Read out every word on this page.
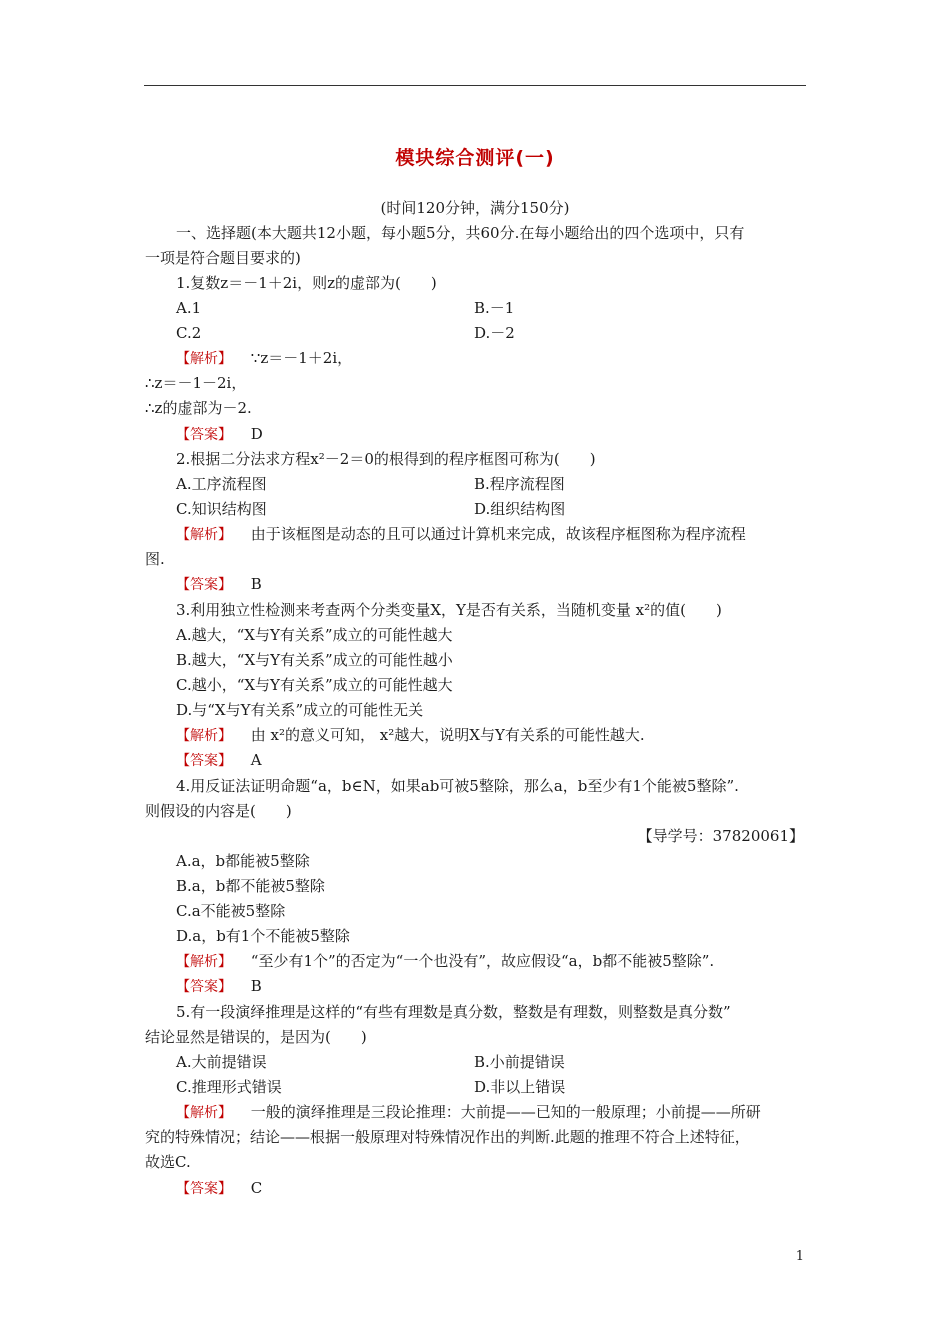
模块综合测评(一)
(时间120分钟，满分150分)
一、选择题(本大题共12小题，每小题5分，共60分.在每小题给出的四个选项中，只有
一项是符合题目要求的)
1.复数z＝－1＋2i，则z的虚部为(　　)
A.1	B.－1
C.2	D.－2
【解析】 ∵z＝－1＋2i，
∴z＝－1－2i，
∴z的虚部为－2.
【答案】 D
2.根据二分法求方程x²－2＝0的根得到的程序框图可称为(　　)
A.工序流程图	B.程序流程图
C.知识结构图	D.组织结构图
【解析】 由于该框图是动态的且可以通过计算机来完成，故该程序框图称为程序流程
图.
【答案】 B
3.利用独立性检测来考查两个分类变量X，Y是否有关系，当随机变量 x²的值(　　)
A.越大，“X与Y有关系”成立的可能性越大
B.越大，“X与Y有关系”成立的可能性越小
C.越小，“X与Y有关系”成立的可能性越大
D.与“X与Y有关系”成立的可能性无关
【解析】 由 x²的意义可知， x²越大，说明X与Y有关系的可能性越大.
【答案】 A
4.用反证法证明命题“a，b∈N，如果ab可被5整除，那么a，b至少有1个能被5整除”.
则假设的内容是(　　)
【导学号：37820061】
A.a，b都能被5整除
B.a，b都不能被5整除
C.a不能被5整除
D.a，b有1个不能被5整除
【解析】 “至少有1个”的否定为“一个也没有”，故应假设“a，b都不能被5整除”.
【答案】 B
5.有一段演绎推理是这样的“有些有理数是真分数，整数是有理数，则整数是真分数”
结论显然是错误的，是因为(　　)
A.大前提错误	B.小前提错误
C.推理形式错误	D.非以上错误
【解析】 一般的演绎推理是三段论推理：大前提——已知的一般原理；小前提——所研
究的特殊情况；结论——根据一般原理对特殊情况作出的判断.此题的推理不符合上述特征，
故选C.
【答案】 C
1
